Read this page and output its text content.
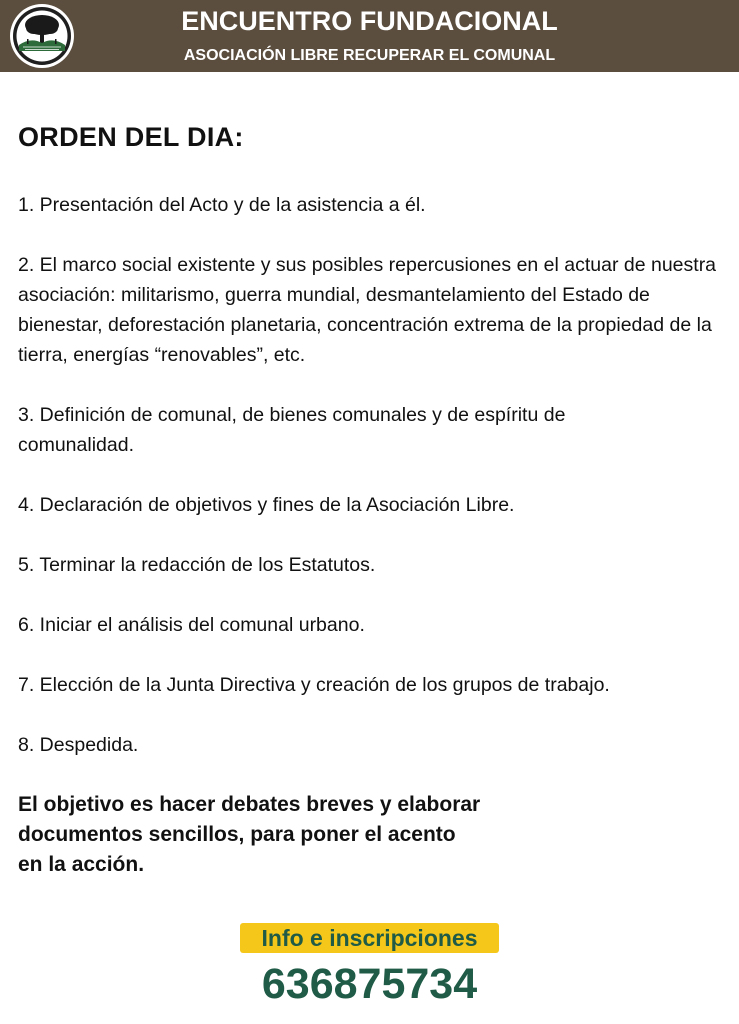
ENCUENTRO FUNDACIONAL
ASOCIACIÓN LIBRE RECUPERAR EL COMUNAL
ORDEN DEL DIA:
1. Presentación del Acto y de la asistencia a él.
2. El marco social existente y sus posibles repercusiones en el actuar de nuestra asociación: militarismo, guerra mundial, desmantelamiento del Estado de bienestar, deforestación planetaria, concentración extrema de la propiedad de la tierra, energías “renovables”, etc.
3. Definición de comunal, de bienes comunales y de espíritu de comunalidad.
4. Declaración de objetivos y fines de la Asociación Libre.
5. Terminar la redacción de los Estatutos.
6. Iniciar el análisis del comunal urbano.
7. Elección de la Junta Directiva y creación de los grupos de trabajo.
8. Despedida.
El objetivo es hacer debates breves y elaborar
documentos sencillos, para poner el acento
en la acción.
Info e inscripciones
636875734
